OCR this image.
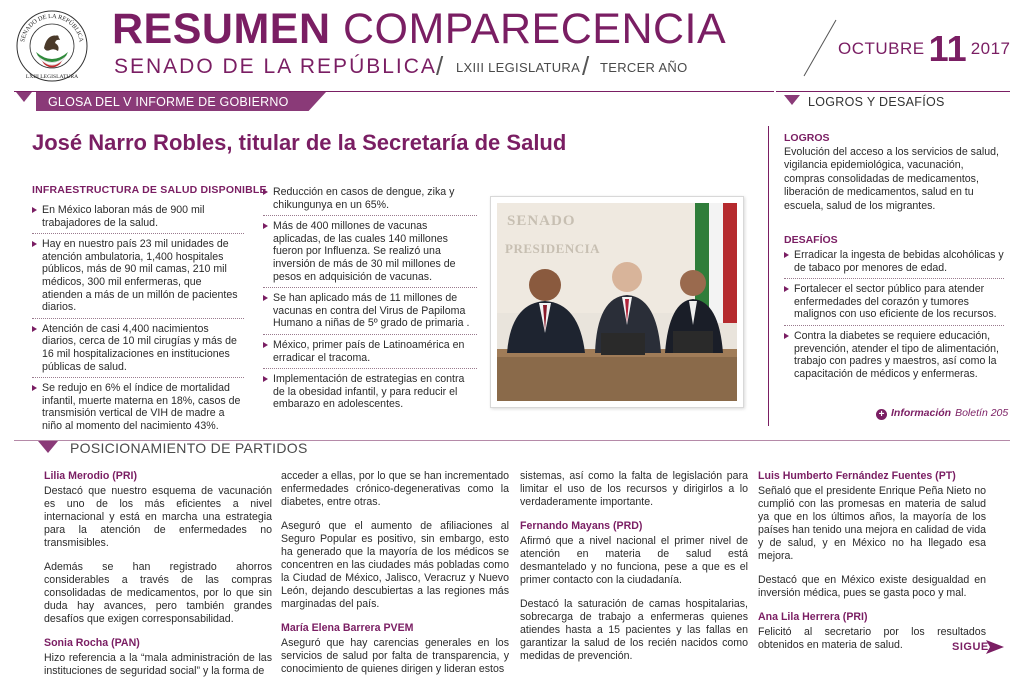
SENADO DE LA REPÚBLICA
LXIII LEGISLATURA
RESUMEN COMPARECENCIA
SENADO DE LA REPÚBLICA / LXIII LEGISLATURA / TERCER AÑO
OCTUBRE 11 2017
GLOSA DEL V INFORME DE GOBIERNO	LOGROS Y DESAFÍOS
José Narro Robles, titular de la Secretaría de Salud
INFRAESTRUCTURA DE SALUD DISPONIBLE
En México laboran más de 900 mil trabajadores de la salud.
Hay en nuestro país 23 mil unidades de atención ambulatoria, 1,400 hospitales públicos, más de 90 mil camas, 210 mil médicos, 300 mil enfermeras, que atienden a más de un millón de pacientes diarios.
Atención de casi 4,400 nacimientos diarios, cerca de 10 mil cirugías y más de 16 mil hospitalizaciones en instituciones públicas de salud.
Se redujo en 6% el índice de mortalidad infantil, muerte materna en 18%, casos de transmisión vertical de VIH de madre a niño al momento del nacimiento 43%.
Reducción en casos de dengue, zika y chikungunya en un 65%.
Más de 400 millones de vacunas aplicadas, de las cuales 140 millones fueron por Influenza. Se realizó una inversión de más de 30 mil millones de pesos en adquisición de vacunas.
Se han aplicado más de 11 millones de vacunas en contra del Virus de Papiloma Humano a niñas de 5º grado de primaria .
México, primer país de Latinoamérica en erradicar el tracoma.
Implementación de estrategias en contra de la obesidad infantil, y para reducir el embarazo en adolescentes.
SENADO
PRESIDENCIA
LOGROS

Evolución del acceso a los servicios de salud, vigilancia epidemiológica, vacunación, compras consolidadas de medicamentos, liberación de medicamentos, salud en tu escuela, salud de los migrantes.

DESAFÍOS
Erradicar la ingesta de bebidas alcohólicas y de tabaco por menores de edad.
Fortalecer el sector público para atender enfermedades del corazón y tumores malignos con uso eficiente de los recursos.
Contra la diabetes se requiere educación, prevención, atender el tipo de alimentación, trabajo con padres y maestros, así como la capacitación de médicos y enfermeras.
+ Información Boletín 205
POSICIONAMIENTO DE PARTIDOS

Lilia Merodio (PRI)

Destacó que nuestro esquema de vacunación es uno de los más eficientes a nivel internacional y está en marcha una estrategia para la atención de enfermedades no transmisibles.

Además se han registrado ahorros considerables a través de las compras consolidadas de medicamentos, por lo que sin duda hay avances, pero también grandes desafíos que exigen corresponsabilidad.

Sonia Rocha (PAN)

Hizo referencia a la “mala administración de las instituciones de seguridad social” y la forma de

acceder a ellas, por lo que se han incrementado enfermedades crónico-degenerativas como la diabetes, entre otras.

Aseguró que el aumento de afiliaciones al Seguro Popular es positivo, sin embargo, esto ha generado que la mayoría de los médicos se concentren en las ciudades más pobladas como la Ciudad de México, Jalisco, Veracruz y Nuevo León, dejando descubiertas a las regiones más marginadas del país.

María Elena Barrera PVEM

Aseguró que hay carencias generales en los servicios de salud por falta de transparencia, y conocimiento de quienes dirigen y lideran estos

sistemas, así como la falta de legislación para limitar el uso de los recursos y dirigirlos a lo verdaderamente importante.

Fernando Mayans (PRD)

Afirmó que a nivel nacional el primer nivel de atención en materia de salud está desmantelado y no funciona, pese a que es el primer contacto con la ciudadanía.

Destacó la saturación de camas hospitalarias, sobrecarga de trabajo a enfermeras quienes atiendes hasta a 15 pacientes y las fallas en garantizar la salud de los recién nacidos como medidas de prevención.

Luis Humberto Fernández Fuentes (PT)

Señaló que el presidente Enrique Peña Nieto no cumplió con las promesas en materia de salud ya que en los últimos años, la mayoría de los países han tenido una mejora en calidad de vida y de salud, y en México no ha llegado esa mejora.

Destacó que en México existe desigualdad en inversión médica, pues se gasta poco y mal.

Ana Lila Herrera (PRI)

Felicitó al secretario por los resultados obtenidos en materia de salud.	SIGUE
